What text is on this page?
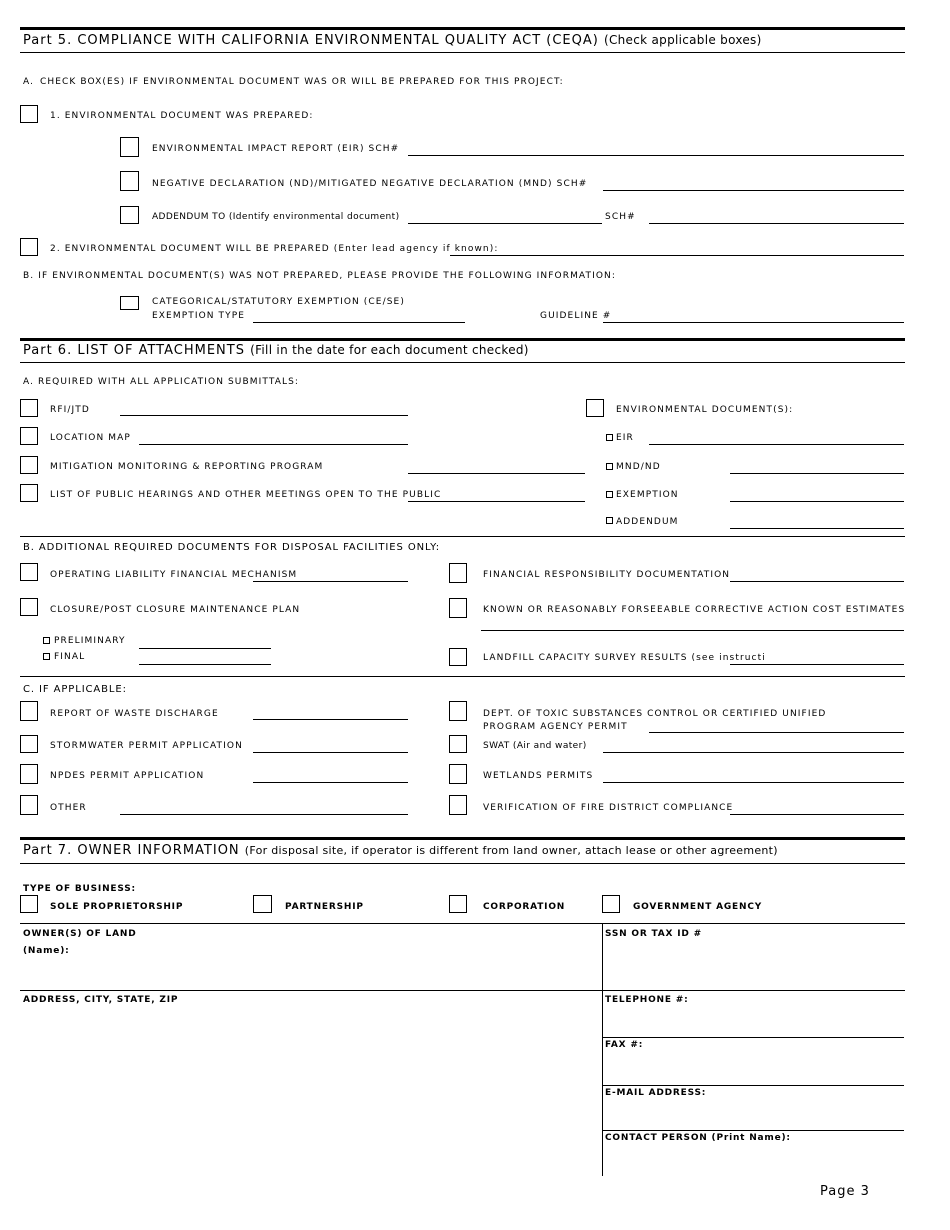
Part 5. COMPLIANCE WITH CALIFORNIA ENVIRONMENTAL QUALITY ACT (CEQA) (Check applicable boxes)
A. CHECK BOX(ES) IF ENVIRONMENTAL DOCUMENT WAS OR WILL BE PREPARED FOR THIS PROJECT:
1. ENVIRONMENTAL DOCUMENT WAS PREPARED:
ENVIRONMENTAL IMPACT REPORT (EIR) SCH#
NEGATIVE DECLARATION (ND)/MITIGATED NEGATIVE DECLARATION (MND) SCH#
ADDENDUM TO (Identify environmental document)	SCH#
2. ENVIRONMENTAL DOCUMENT WILL BE PREPARED (Enter lead agency if known):
B. IF ENVIRONMENTAL DOCUMENT(S) WAS NOT PREPARED, PLEASE PROVIDE THE FOLLOWING INFORMATION:
CATEGORICAL/STATUTORY EXEMPTION (CE/SE)
EXEMPTION TYPE	GUIDELINE #
Part 6. LIST OF ATTACHMENTS (Fill in the date for each document checked)
A. REQUIRED WITH ALL APPLICATION SUBMITTALS:
RFI/JTD	ENVIRONMENTAL DOCUMENT(S):
LOCATION MAP	EIR
MITIGATION MONITORING & REPORTING PROGRAM	MND/ND
LIST OF PUBLIC HEARINGS AND OTHER MEETINGS OPEN TO THE PUBLIC	EXEMPTION
ADDENDUM
B. ADDITIONAL REQUIRED DOCUMENTS FOR DISPOSAL FACILITIES ONLY:
OPERATING LIABILITY FINANCIAL MECHANISM	FINANCIAL RESPONSIBILITY DOCUMENTATION
CLOSURE/POST CLOSURE MAINTENANCE PLAN	KNOWN OR REASONABLY FORSEEABLE CORRECTIVE ACTION COST ESTIMATES
PRELIMINARY
FINAL	LANDFILL CAPACITY SURVEY RESULTS (see instructi
C. IF APPLICABLE:
REPORT OF WASTE DISCHARGE	DEPT. OF TOXIC SUBSTANCES CONTROL OR CERTIFIED UNIFIED
PROGRAM AGENCY PERMIT
STORMWATER PERMIT APPLICATION	SWAT (Air and water)
NPDES PERMIT APPLICATION	WETLANDS PERMITS
OTHER	VERIFICATION OF FIRE DISTRICT COMPLIANCE
Part 7. OWNER INFORMATION (For disposal site, if operator is different from land owner, attach lease or other agreement)
TYPE OF BUSINESS:
SOLE PROPRIETORSHIP	PARTNERSHIP	CORPORATION	GOVERNMENT AGENCY
OWNER(S) OF LAND
(Name):
SSN OR TAX ID #
ADDRESS, CITY, STATE, ZIP	TELEPHONE #:
FAX #:
E-MAIL ADDRESS:
CONTACT PERSON (Print Name):
Page 3
